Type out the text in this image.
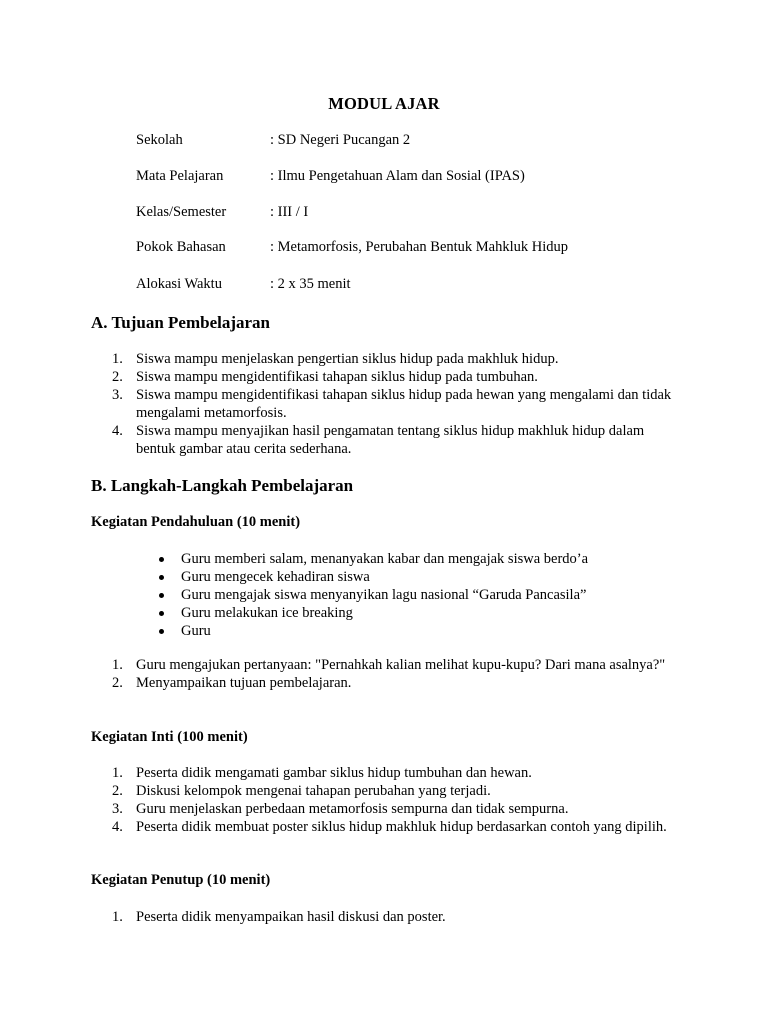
MODUL AJAR
Sekolah	: SD Negeri Pucangan 2
Mata Pelajaran	: Ilmu Pengetahuan Alam dan Sosial (IPAS)
Kelas/Semester	: III / I
Pokok Bahasan	: Metamorfosis, Perubahan Bentuk Mahkluk Hidup
Alokasi Waktu	: 2 x 35 menit
A. Tujuan Pembelajaran
1. Siswa mampu menjelaskan pengertian siklus hidup pada makhluk hidup.
2. Siswa mampu mengidentifikasi tahapan siklus hidup pada tumbuhan.
3. Siswa mampu mengidentifikasi tahapan siklus hidup pada hewan yang mengalami dan tidak mengalami metamorfosis.
4. Siswa mampu menyajikan hasil pengamatan tentang siklus hidup makhluk hidup dalam bentuk gambar atau cerita sederhana.
B. Langkah-Langkah Pembelajaran
Kegiatan Pendahuluan (10 menit)
Guru memberi salam, menanyakan kabar dan mengajak siswa berdo’a
Guru mengecek kehadiran siswa
Guru mengajak siswa menyanyikan lagu nasional “Garuda Pancasila”
Guru melakukan ice breaking
Guru
1. Guru mengajukan pertanyaan: "Pernahkah kalian melihat kupu-kupu? Dari mana asalnya?"
2. Menyampaikan tujuan pembelajaran.
Kegiatan Inti (100 menit)
1. Peserta didik mengamati gambar siklus hidup tumbuhan dan hewan.
2. Diskusi kelompok mengenai tahapan perubahan yang terjadi.
3. Guru menjelaskan perbedaan metamorfosis sempurna dan tidak sempurna.
4. Peserta didik membuat poster siklus hidup makhluk hidup berdasarkan contoh yang dipilih.
Kegiatan Penutup (10 menit)
1. Peserta didik menyampaikan hasil diskusi dan poster.
